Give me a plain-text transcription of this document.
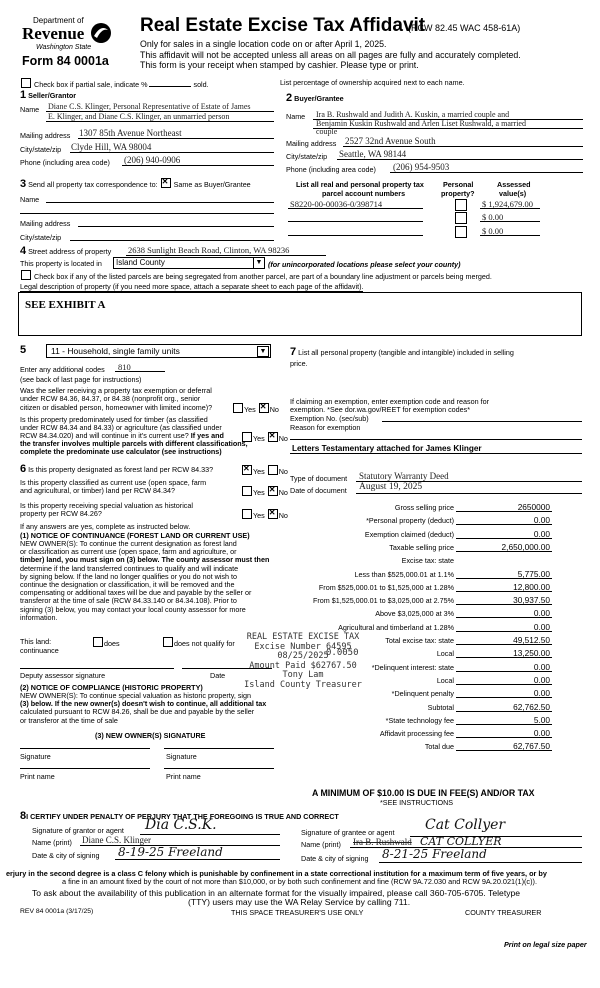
Department of
Revenue
Washington State
Form 84 0001a
Real Estate Excise Tax Affidavit
(RCW 82.45 WAC 458-61A)
Only for sales in a single location code on or after April 1, 2025.
This affidavit will not be accepted unless all areas on all pages are fully and accurately completed.
This form is your receipt when stamped by cashier. Please type or print.
Check box if partial sale, indicate %	sold.	List percentage of ownership acquired next to each name.
1 Seller/Grantor
Name Diane C.S. Klinger, Personal Representative of Estate of James
E. Klinger, and Diane C.S. Klinger, an unmarried person
Mailing address 1307 85th Avenue Northeast
City/state/zip Clyde Hill, WA 98004
Phone (including area code) (206) 940-0906
2 Buyer/Grantee
Name Ira B. Rushwald and Judith A. Kuskin, a married couple and
Benjamin Kuskin Rushwald and Arlen Liset Rushwald, a married
couple
Mailing address 2527 32nd Avenue South
City/state/zip Seattle, WA 98144
Phone (including area code) (206) 954-9503
3 Send all property tax correspondence to: ✕ Same as Buyer/Grantee
Name
Mailing address
City/state/zip
List all real and personal property tax
parcel account numbers
Personal
property?
Assessed
value(s)
S8220-00-00036-0/398714	$ 1,924,679.00
$ 0.00
$ 0.00
4 Street address of property 2638 Sunlight Beach Road, Clinton, WA 98236
This property is located in Island County	▼ (for unincorporated locations please select your county)
Check box if any of the listed parcels are being segregated from another parcel, are part of a boundary line adjustment or parcels being merged.
Legal description of property (if you need more space, attach a separate sheet to each page of the affidavit).
SEE EXHIBIT A
5	11 - Household, single family units	▼
Enter any additional codes 810
(see back of last page for instructions)
Was the seller receiving a property tax exemption or deferral
under RCW 84.36, 84.37, or 84.38 (nonprofit org., senior
citizen or disabled person, homeowner with limited income)?	Yes ✕ No
Is this property predominately used for timber (as classified
under RCW 84.34 and 84.33) or agriculture (as classified under
RCW 84.34.020) and will continue in it's current use? If yes and
the transfer involves multiple parcels with different classifications,
complete the predominate use calculator (see instructions)
Yes ✕ No
6 Is this property designated as forest land per RCW 84.33? ✕	Yes No
Is this property classified as current use (open space, farm
and agricultural, or timber) land per RCW 84.34?	Yes ✕ No
Is this property receiving special valuation as historical
property per RCW 84.26?	Yes ✕ No
If any answers are yes, complete as instructed below.
(1) NOTICE OF CONTINUANCE (FOREST LAND OR CURRENT USE)
NEW OWNER(S): To continue the current designation as forest land
or classification as current use (open space, farm and agriculture, or
timber) land, you must sign on (3) below. The county assessor must then
determine if the land transferred continues to qualify and will indicate
by signing below. If the land no longer qualifies or you do not wish to
continue the designation or classification, it will be removed and the
compensating or additional taxes will be due and payable by the seller or
transferor at the time of sale (RCW 84.33.140 or 84.34.108). Prior to
signing (3) below, you may contact your local county assessor for more
information.
This land:
continuance
does	does not qualify for
Deputy assessor signature	Date
(2) NOTICE OF COMPLIANCE (HISTORIC PROPERTY)
NEW OWNER(S): To continue special valuation as historic property, sign
(3) below. If the new owner(s) doesn't wish to continue, all additional tax
calculated pursuant to RCW 84.26, shall be due and payable by the seller
or transferor at the time of sale
(3) NEW OWNER(S) SIGNATURE
Signature	Signature
Print name	Print name
REAL ESTATE EXCISE TAX
Excise Number 64595
08/25/2025
Amount Paid $62767.50
Tony Lam
Island County Treasurer
7 List all personal property (tangible and intangible) included in selling
price.
If claiming an exemption, enter exemption code and reason for
exemption. *See dor.wa.gov/REET for exemption codes*
Exemption No. (sec/sub)
Reason for exemption
Letters Testamentary attached for James Klinger
Type of document Statutory Warranty Deed
Date of document August 19, 2025
Gross selling price	2650000
*Personal property (deduct)	0.00
Exemption claimed (deduct)	0.00
Taxable selling price	2,650,000.00
Excise tax: state
Less than $525,000.01 at 1.1%	5,775.00
From $525,000.01 to $1,525,000 at 1.28%	12,800.00
From $1,525,000.01 to $3,025,000 at 2.75%	30,937.50
Above $3,025,000 at 3%	0.00
Agricultural and timberland at 1.28%	0.00
Total excise tax: state	49,512.50
Local	13,250.00
0.0050
*Delinquent interest: state	0.00
Local	0.00
*Delinquent penalty	0.00
Subtotal	62,762.50
*State technology fee	5.00
Affidavit processing fee	0.00
Total due	62,767.50
A MINIMUM OF $10.00 IS DUE IN FEE(S) AND/OR TAX
*SEE INSTRUCTIONS
8I CERTIFY UNDER PENALTY OF PERJURY THAT THE FOREGOING IS TRUE AND CORRECT
Signature of grantor or agent Dia C.S.K.
Name (print) Diane C.S. Klinger
Date & city of signing 8-19-25 Freeland
Signature of grantee or agent Cat Collyer
Name (print) Ira B. Rushwald CAT COLLYER
Date & city of signing 8-21-25 Freeland
erjury in the second degree is a class C felony which is punishable by confinement in a state correctional institution for a maximum term of five years, or by
a fine in an amount fixed by the court of not more than $10,000, or by both such confinement and fine (RCW 9A.72.030 and RCW 9A.20.021(1)(c)).
To ask about the availability of this publication in an alternate format for the visually impaired, please call 360-705-6705. Teletype
(TTY) users may use the WA Relay Service by calling 711.
REV 84 0001a (3/17/25)	THIS SPACE TREASURER'S USE ONLY	COUNTY TREASURER
Print on legal size paper
